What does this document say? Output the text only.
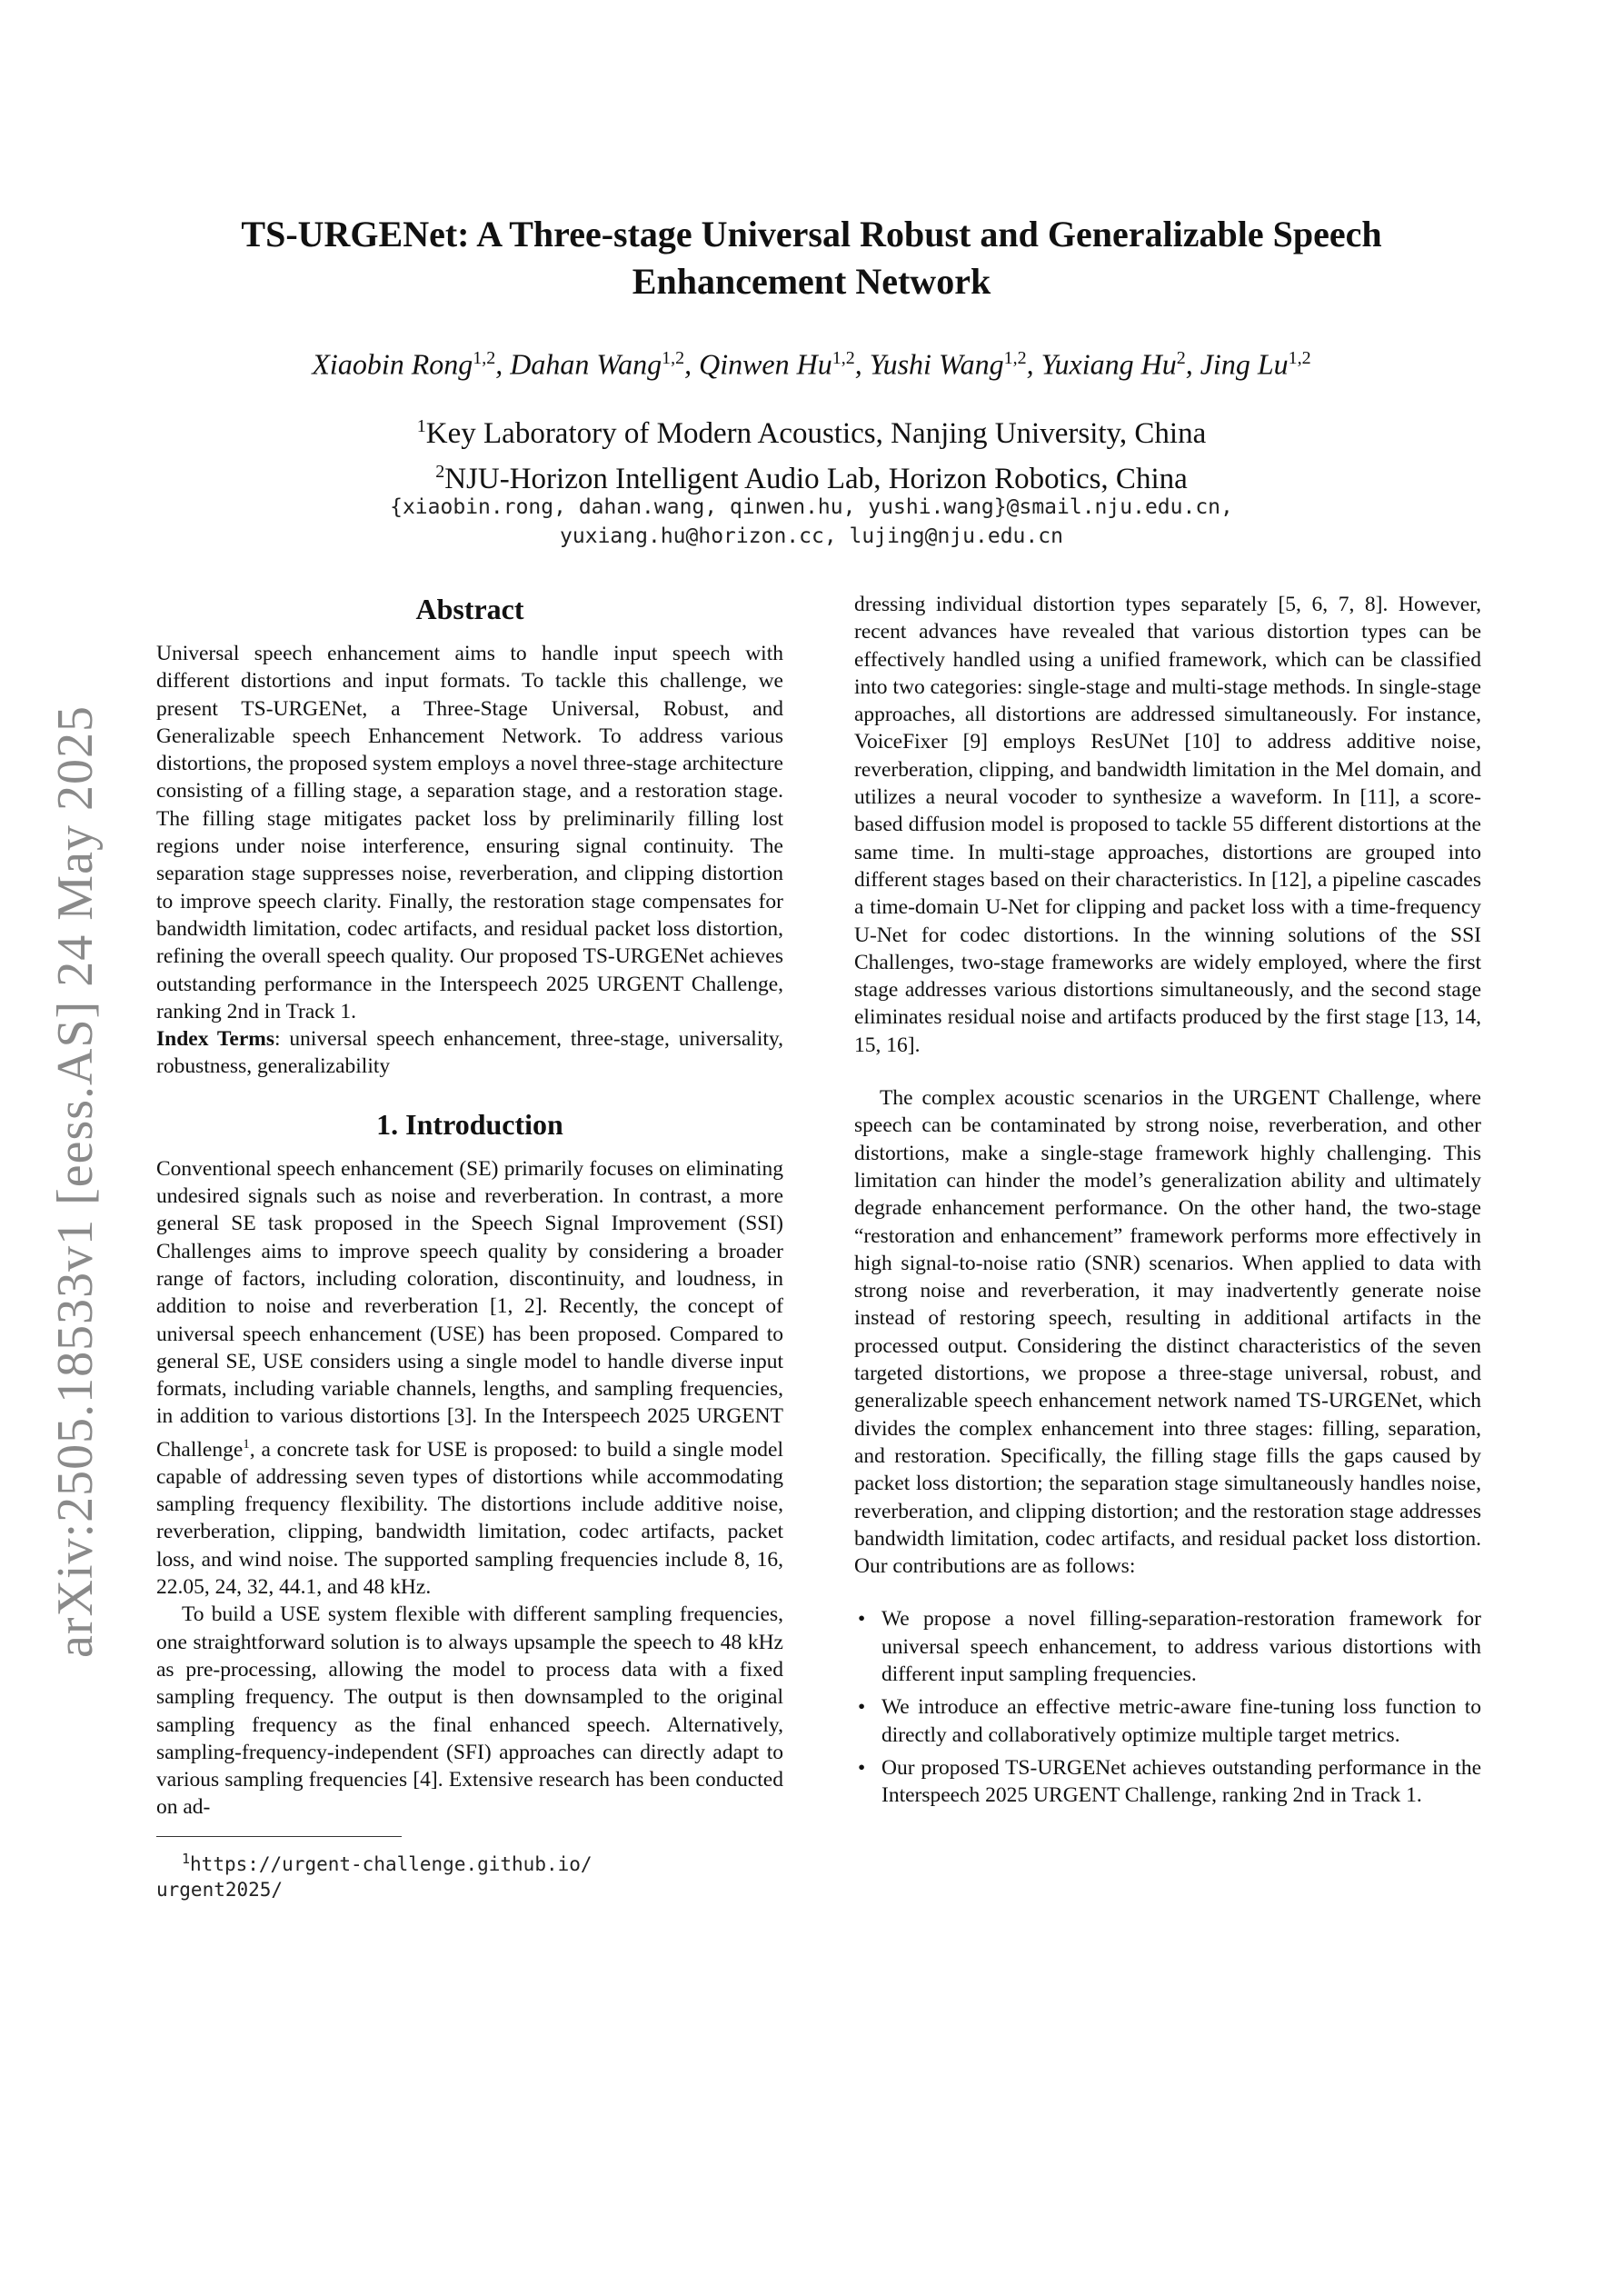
arXiv:2505.18533v1 [eess.AS] 24 May 2025
TS-URGENet: A Three-stage Universal Robust and Generalizable Speech
Enhancement Network
Xiaobin Rong$^{1,2}$, Dahan Wang$^{1,2}$, Qinwen Hu$^{1,2}$, Yushi Wang$^{1,2}$, Yuxiang Hu$^2$, Jing Lu$^{1,2}$
$^1$Key Laboratory of Modern Acoustics, Nanjing University, China
$^2$NJU-Horizon Intelligent Audio Lab, Horizon Robotics, China
{xiaobin.rong, dahan.wang, qinwen.hu, yushi.wang}@smail.nju.edu.cn,
yuxiang.hu@horizon.cc, lujing@nju.edu.cn
Abstract

Universal speech enhancement aims to handle input speech with different distortions and input formats. To tackle this challenge, we present TS-URGENet, a Three-Stage Universal, Robust, and Generalizable speech Enhancement Network. To address various distortions, the proposed system employs a novel three-stage architecture consisting of a filling stage, a separation stage, and a restoration stage. The filling stage mitigates packet loss by preliminarily filling lost regions under noise interference, ensuring signal continuity. The separation stage suppresses noise, reverberation, and clipping distortion to improve speech clarity. Finally, the restoration stage compensates for bandwidth limitation, codec artifacts, and residual packet loss distortion, refining the overall speech quality. Our proposed TS-URGENet achieves outstanding performance in the Interspeech 2025 URGENT Challenge, ranking 2nd in Track 1.

Index Terms: universal speech enhancement, three-stage, universality, robustness, generalizability

1. Introduction

Conventional speech enhancement (SE) primarily focuses on eliminating undesired signals such as noise and reverberation. In contrast, a more general SE task proposed in the Speech Signal Improvement (SSI) Challenges aims to improve speech quality by considering a broader range of factors, including coloration, discontinuity, and loudness, in addition to noise and reverberation [1, 2]. Recently, the concept of universal speech enhancement (USE) has been proposed. Compared to general SE, USE considers using a single model to handle diverse input formats, including variable channels, lengths, and sampling frequencies, in addition to various distortions [3]. In the Interspeech 2025 URGENT Challenge$^1$, a concrete task for USE is proposed: to build a single model capable of addressing seven types of distortions while accommodating sampling frequency flexibility. The distortions include additive noise, reverberation, clipping, bandwidth limitation, codec artifacts, packet loss, and wind noise. The supported sampling frequencies include 8, 16, 22.05, 24, 32, 44.1, and 48 kHz.

To build a USE system flexible with different sampling frequencies, one straightforward solution is to always upsample the speech to 48 kHz as pre-processing, allowing the model to process data with a fixed sampling frequency. The output is then downsampled to the original sampling frequency as the final enhanced speech. Alternatively, sampling-frequency-independent (SFI) approaches can directly adapt to various sampling frequencies [4]. Extensive research has been conducted on ad-

$^1$https://urgent-challenge.github.io/
urgent2025/

dressing individual distortion types separately [5, 6, 7, 8]. However, recent advances have revealed that various distortion types can be effectively handled using a unified framework, which can be classified into two categories: single-stage and multi-stage methods. In single-stage approaches, all distortions are addressed simultaneously. For instance, VoiceFixer [9] employs ResUNet [10] to address additive noise, reverberation, clipping, and bandwidth limitation in the Mel domain, and utilizes a neural vocoder to synthesize a waveform. In [11], a score-based diffusion model is proposed to tackle 55 different distortions at the same time. In multi-stage approaches, distortions are grouped into different stages based on their characteristics. In [12], a pipeline cascades a time-domain U-Net for clipping and packet loss with a time-frequency U-Net for codec distortions. In the winning solutions of the SSI Challenges, two-stage frameworks are widely employed, where the first stage addresses various distortions simultaneously, and the second stage eliminates residual noise and artifacts produced by the first stage [13, 14, 15, 16].

The complex acoustic scenarios in the URGENT Challenge, where speech can be contaminated by strong noise, reverberation, and other distortions, make a single-stage framework highly challenging. This limitation can hinder the model’s generalization ability and ultimately degrade enhancement performance. On the other hand, the two-stage “restoration and enhancement” framework performs more effectively in high signal-to-noise ratio (SNR) scenarios. When applied to data with strong noise and reverberation, it may inadvertently generate noise instead of restoring speech, resulting in additional artifacts in the processed output. Considering the distinct characteristics of the seven targeted distortions, we propose a three-stage universal, robust, and generalizable speech enhancement network named TS-URGENet, which divides the complex enhancement into three stages: filling, separation, and restoration. Specifically, the filling stage fills the gaps caused by packet loss distortion; the separation stage simultaneously handles noise, reverberation, and clipping distortion; and the restoration stage addresses bandwidth limitation, codec artifacts, and residual packet loss distortion. Our contributions are as follows:

• We propose a novel filling-separation-restoration framework for universal speech enhancement, to address various distortions with different input sampling frequencies.
• We introduce an effective metric-aware fine-tuning loss function to directly and collaboratively optimize multiple target metrics.
• Our proposed TS-URGENet achieves outstanding performance in the Interspeech 2025 URGENT Challenge, ranking 2nd in Track 1.
